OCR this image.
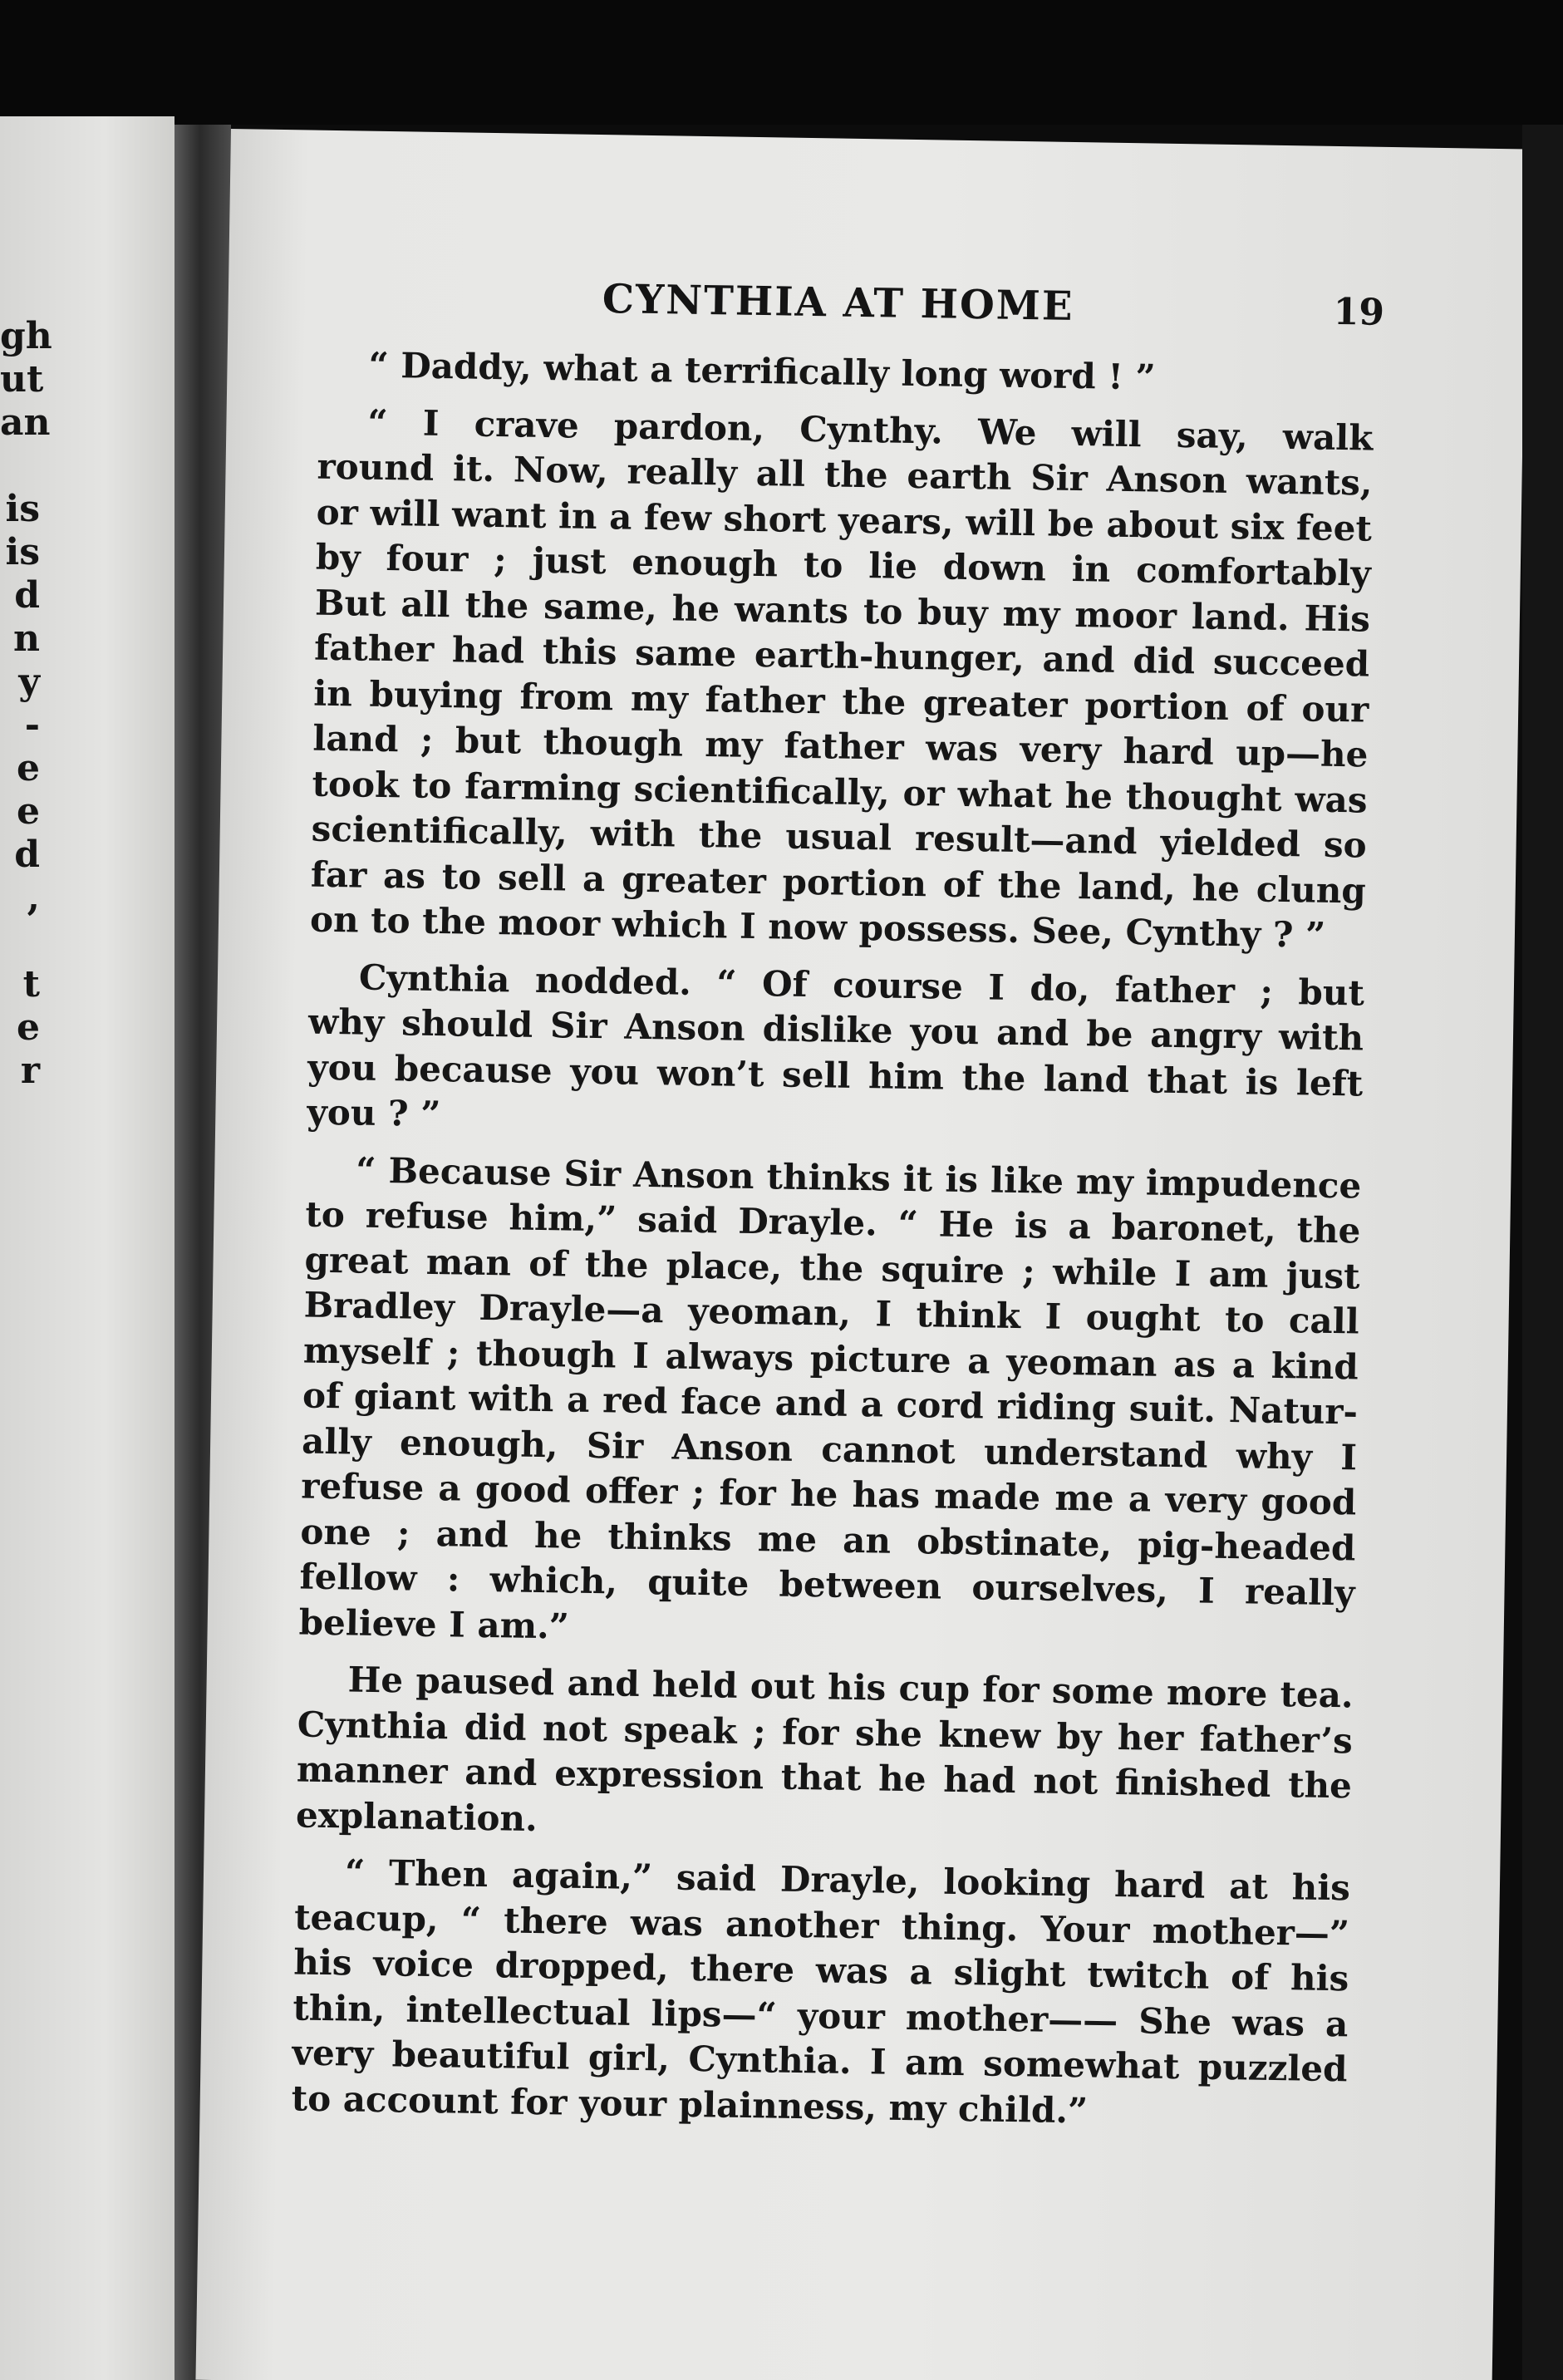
gh
ut
an
is
is
d
n
y
-
e
e
d
,
t
e
r
CYNTHIA AT HOME	19
“ Daddy, what a terrifically long word ! ”
“ I crave pardon, Cynthy. We will say, walk
round it. Now, really all the earth Sir Anson wants,
or will want in a few short years, will be about six feet
by four ; just enough to lie down in comfortably
But all the same, he wants to buy my moor land. His
father had this same earth-hunger, and did succeed
in buying from my father the greater portion of our
land ; but though my father was very hard up—he
took to farming scientifically, or what he thought was
scientifically, with the usual result—and yielded so
far as to sell a greater portion of the land, he clung
on to the moor which I now possess. See, Cynthy ? ”
Cynthia nodded. “ Of course I do, father ; but
why should Sir Anson dislike you and be angry with
you because you won’t sell him the land that is left
you ? ”
“ Because Sir Anson thinks it is like my impudence
to refuse him,” said Drayle. “ He is a baronet, the
great man of the place, the squire ; while I am just
Bradley Drayle—a yeoman, I think I ought to call
myself ; though I always picture a yeoman as a kind
of giant with a red face and a cord riding suit. Natur-
ally enough, Sir Anson cannot understand why I
refuse a good offer ; for he has made me a very good
one ; and he thinks me an obstinate, pig-headed
fellow : which, quite between ourselves, I really
believe I am.”
He paused and held out his cup for some more tea.
Cynthia did not speak ; for she knew by her father’s
manner and expression that he had not finished the
explanation.
“ Then again,” said Drayle, looking hard at his
teacup, “ there was another thing. Your mother—”
his voice dropped, there was a slight twitch of his
thin, intellectual lips—“ your mother—— She was a
very beautiful girl, Cynthia. I am somewhat puzzled
to account for your plainness, my child.”
